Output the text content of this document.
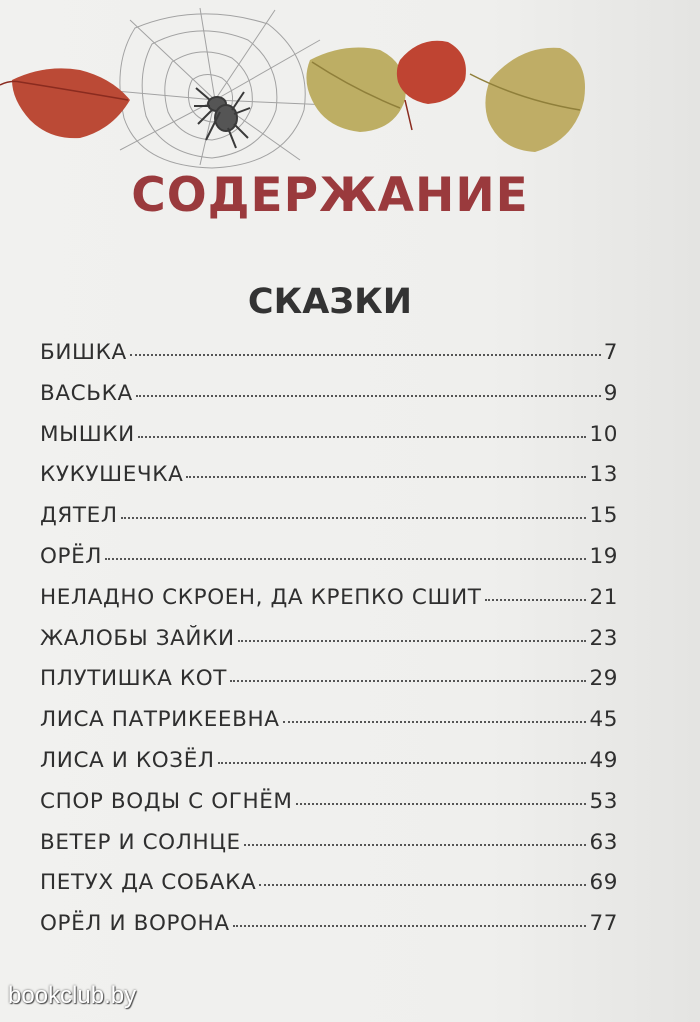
СОДЕРЖАНИЕ
СКАЗКИ
БИШКА	7
ВАСЬКА	9
МЫШКИ	10
КУКУШЕЧКА	13
ДЯТЕЛ	15
ОРЁЛ	19
НЕЛАДНО СКРОЕН, ДА КРЕПКО СШИТ	21
ЖАЛОБЫ ЗАЙКИ	23
ПЛУТИШКА КОТ	29
ЛИСА ПАТРИКЕЕВНА	45
ЛИСА И КОЗЁЛ	49
СПОР ВОДЫ С ОГНЁМ	53
ВЕТЕР И СОЛНЦЕ	63
ПЕТУХ ДА СОБАКА	69
ОРЁЛ И ВОРОНА	77
bookclub.by
